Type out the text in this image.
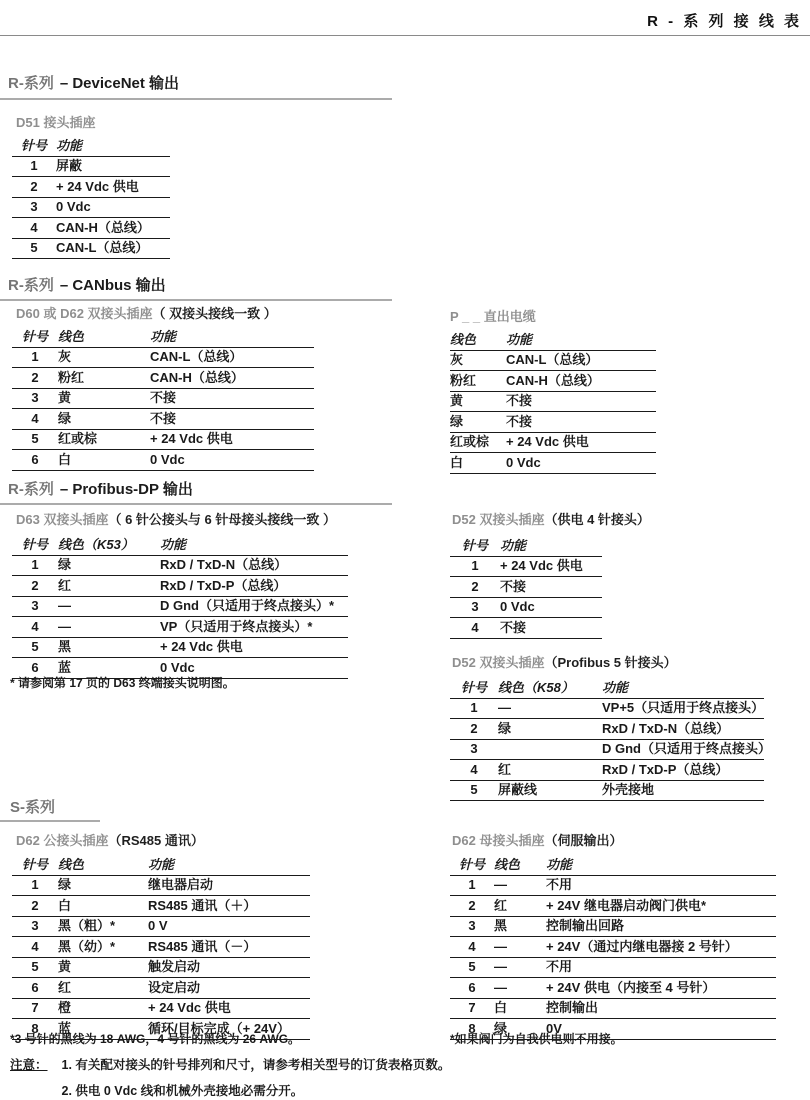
R - 系 列 接 线 表
R-系列 – DeviceNet 输出
D51 接头插座
针号	功能
1	屏蔽
2	+ 24 Vdc 供电
3	0 Vdc
4	CAN-H（总线）
5	CAN-L（总线）
R-系列 – CANbus 输出
D60 或 D62 双接头插座（ 双接头接线一致 ）
针号	线色	功能
1	灰	CAN-L（总线）
2	粉红	CAN-H（总线）
3	黄	不接
4	绿	不接
5	红或棕	+ 24 Vdc 供电
6	白	0 Vdc
P _ _ 直出电缆
线色	功能
灰	CAN-L（总线）
粉红	CAN-H（总线）
黄	不接
绿	不接
红或棕	+ 24 Vdc 供电
白	0 Vdc
R-系列 – Profibus-DP 输出
D63 双接头插座（ 6 针公接头与 6 针母接头接线一致 ）
针号	线色（K53）	功能
1	绿	RxD / TxD-N（总线）
2	红	RxD / TxD-P（总线）
3	—	D Gnd（只适用于终点接头）*
4	—	VP（只适用于终点接头）*
5	黑	+ 24 Vdc 供电
6	蓝	0 Vdc
* 请参阅第 17 页的 D63 终端接头说明图。
D52 双接头插座（供电 4 针接头）
针号	功能
1	+ 24 Vdc 供电
2	不接
3	0 Vdc
4	不接
D52 双接头插座（Profibus 5 针接头）
针号	线色（K58）	功能
1	—	VP+5（只适用于终点接头）
2	绿	RxD / TxD-N（总线）
3		D Gnd（只适用于终点接头）
4	红	RxD / TxD-P（总线）
5	屏蔽线	外壳接地
S-系列
D62 公接头插座（RS485 通讯）
针号	线色	功能
1	绿	继电器启动
2	白	RS485 通讯（＋）
3	黑（粗）*	0 V
4	黑（幼）*	RS485 通讯（－）
5	黄	触发启动
6	红	设定启动
7	橙	+ 24 Vdc 供电
8	蓝	循环/目标完成（+ 24V）
*3 号针的黑线为 18 AWG，4 号针的黑线为 26 AWG。
D62 母接头插座（伺服输出）
针号	线色	功能
1	—	不用
2	红	+ 24V 继电器启动阀门供电*
3	黑	控制输出回路
4	—	+ 24V（通过内继电器接 2 号针）
5	—	不用
6	—	+ 24V 供电（内接至 4 号针）
7	白	控制输出
8	绿	0V
*如果阀门为自我供电则不用接。
注意： 1. 有关配对接头的针号排列和尺寸，请参考相关型号的订货表格页数。
2. 供电 0 Vdc 线和机械外壳接地必需分开。
